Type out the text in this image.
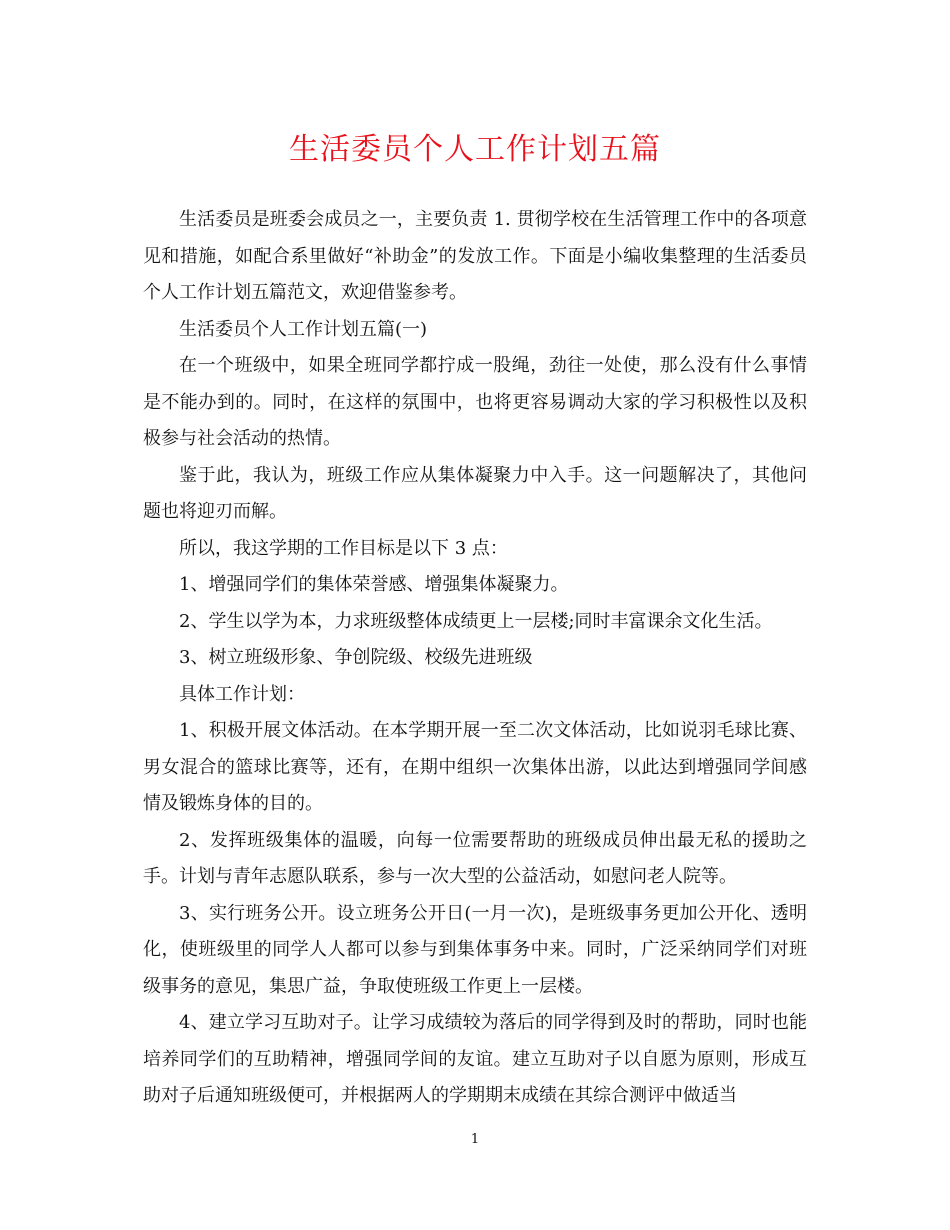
生活委员个人工作计划五篇

生活委员是班委会成员之一，主要负责 1. 贯彻学校在生活管理工作中的各项意见和措施，如配合系里做好“补助金”的发放工作。下面是小编收集整理的生活委员个人工作计划五篇范文，欢迎借鉴参考。

生活委员个人工作计划五篇(一)

在一个班级中，如果全班同学都拧成一股绳，劲往一处使，那么没有什么事情是不能办到的。同时，在这样的氛围中，也将更容易调动大家的学习积极性以及积极参与社会活动的热情。

鉴于此，我认为，班级工作应从集体凝聚力中入手。这一问题解决了，其他问题也将迎刃而解。

所以，我这学期的工作目标是以下 3 点：

1、增强同学们的集体荣誉感、增强集体凝聚力。

2、学生以学为本，力求班级整体成绩更上一层楼;同时丰富课余文化生活。

3、树立班级形象、争创院级、校级先进班级

具体工作计划：

1、积极开展文体活动。在本学期开展一至二次文体活动，比如说羽毛球比赛、男女混合的篮球比赛等，还有，在期中组织一次集体出游，以此达到增强同学间感情及锻炼身体的目的。

2、发挥班级集体的温暖，向每一位需要帮助的班级成员伸出最无私的援助之手。计划与青年志愿队联系，参与一次大型的公益活动，如慰问老人院等。

3、实行班务公开。设立班务公开日(一月一次)，是班级事务更加公开化、透明化，使班级里的同学人人都可以参与到集体事务中来。同时，广泛采纳同学们对班级事务的意见，集思广益，争取使班级工作更上一层楼。

4、建立学习互助对子。让学习成绩较为落后的同学得到及时的帮助，同时也能培养同学们的互助精神，增强同学间的友谊。建立互助对子以自愿为原则，形成互助对子后通知班级便可，并根据两人的学期期末成绩在其综合测评中做适当

1
